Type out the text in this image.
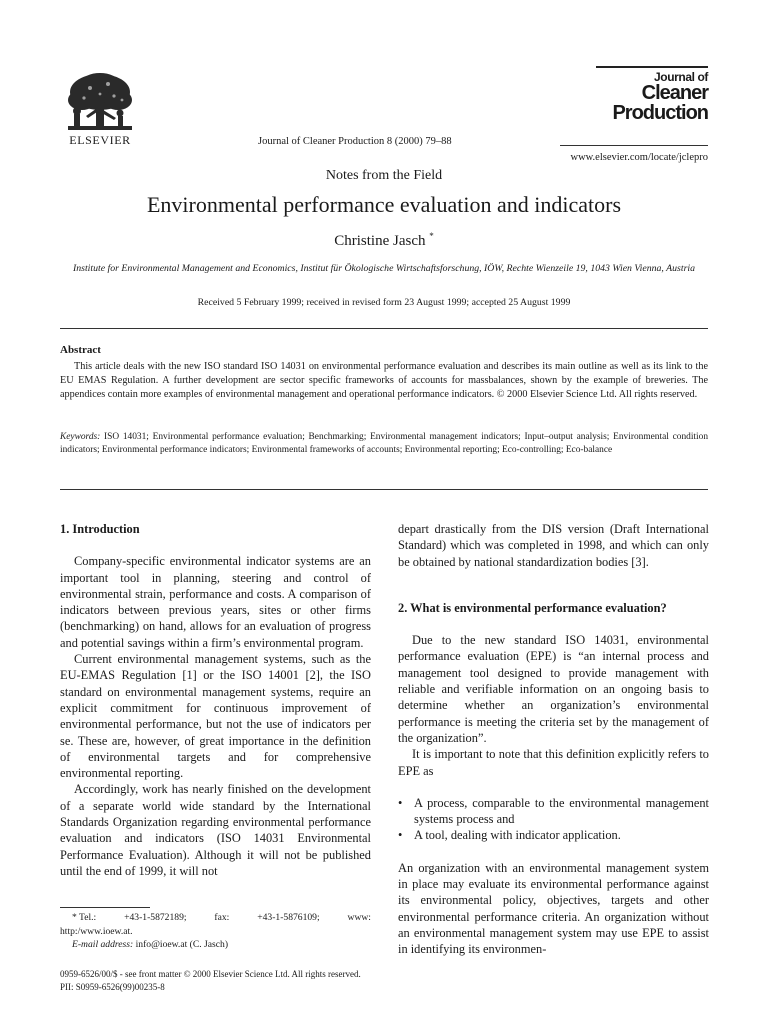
ELSEVIER	Journal of Cleaner Production 8 (2000) 79–88
Journal of
Cleaner
Production
www.elsevier.com/locate/jclepro
Notes from the Field
Environmental performance evaluation and indicators
Christine Jasch *
Institute for Environmental Management and Economics, Institut für Ökologische Wirtschaftsforschung, IÖW, Rechte Wienzeile 19, 1043 Wien Vienna, Austria
Received 5 February 1999; received in revised form 23 August 1999; accepted 25 August 1999
Abstract
This article deals with the new ISO standard ISO 14031 on environmental performance evaluation and describes its main outline as well as its link to the EU EMAS Regulation. A further development are sector specific frameworks of accounts for massbalances, shown by the example of breweries. The appendices contain more examples of environmental management and operational performance indicators. © 2000 Elsevier Science Ltd. All rights reserved.
Keywords: ISO 14031; Environmental performance evaluation; Benchmarking; Environmental management indicators; Input–output analysis; Environmental condition indicators; Environmental performance indicators; Environmental frameworks of accounts; Environmental reporting; Eco-controlling; Eco-balance
1. Introduction

Company-specific environmental indicator systems are an important tool in planning, steering and control of environmental strain, performance and costs. A comparison of indicators between previous years, sites or other firms (benchmarking) on hand, allows for an evaluation of progress and potential savings within a firm’s environmental program.

Current environmental management systems, such as the EU-EMAS Regulation [1] or the ISO 14001 [2], the ISO standard on environmental management systems, require an explicit commitment for continuous improvement of environmental performance, but not the use of indicators per se. These are, however, of great importance in the definition of environmental targets and for comprehensive environmental reporting.

Accordingly, work has nearly finished on the development of a separate world wide standard by the International Standards Organization regarding environmental performance evaluation and indicators (ISO 14031 Environmental Performance Evaluation). Although it will not be published until the end of 1999, it will not

depart drastically from the DIS version (Draft International Standard) which was completed in 1998, and which can only be obtained by national standardization bodies [3].

2. What is environmental performance evaluation?

Due to the new standard ISO 14031, environmental performance evaluation (EPE) is “an internal process and management tool designed to provide management with reliable and verifiable information on an ongoing basis to determine whether an organization’s environmental performance is meeting the criteria set by the management of the organization”.

It is important to note that this definition explicitly refers to EPE as

• A process, comparable to the environmental management systems process and
• A tool, dealing with indicator application.

An organization with an environmental management system in place may evaluate its environmental performance against its environmental policy, objectives, targets and other environmental performance criteria. An organization without an environmental management system may use EPE to assist in identifying its environmen-

* Tel.:	+43-1-5872189;	fax:	+43-1-5876109;	www:
http:/www.ioew.at.
E-mail address: info@ioew.at (C. Jasch)
0959-6526/00/$ - see front matter © 2000 Elsevier Science Ltd. All rights reserved.
PII: S0959-6526(99)00235-8
